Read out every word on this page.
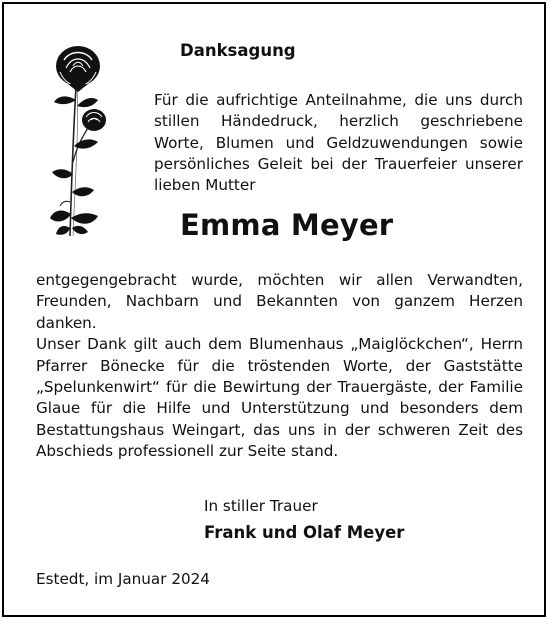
Danksagung

Für die aufrichtige Anteilnahme, die uns durch stillen Händedruck, herzlich geschriebene Worte, Blumen und Geldzuwendungen sowie persönliches Geleit bei der Trauerfeier unserer lieben Mutter

Emma Meyer

entgegengebracht wurde, möchten wir allen Verwandten, Freunden, Nachbarn und Bekannten von ganzem Herzen danken.

Unser Dank gilt auch dem Blumenhaus „Maiglöckchen“, Herrn Pfarrer Bönecke für die tröstenden Worte, der Gaststätte „Spelunkenwirt“ für die Bewirtung der Trauergäste, der Familie Glaue für die Hilfe und Unterstützung und besonders dem Bestattungshaus Weingart, das uns in der schweren Zeit des Abschieds professionell zur Seite stand.

In stiller Trauer

Frank und Olaf Meyer

Estedt, im Januar 2024
